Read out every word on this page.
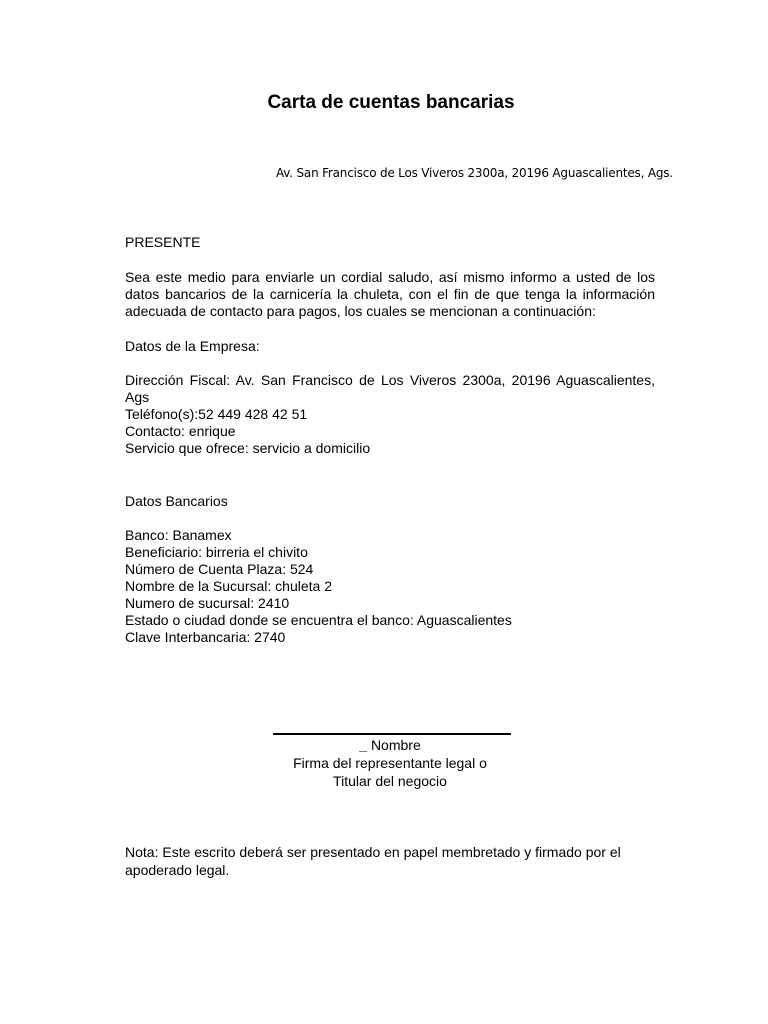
Carta de cuentas bancarias
Av. San Francisco de Los Viveros 2300a, 20196 Aguascalientes, Ags.
PRESENTE
Sea este medio para enviarle un cordial saludo, así mismo informo a usted de los datos bancarios de la carnicería la chuleta, con el fin de que tenga la información adecuada de contacto para pagos, los cuales se mencionan a continuación:
Datos de la Empresa:
Dirección Fiscal: Av. San Francisco de Los Viveros 2300a, 20196 Aguascalientes, Ags
Teléfono(s):52 449 428 42 51
Contacto: enrique
Servicio que ofrece: servicio a domicilio
Datos Bancarios
Banco: Banamex
Beneficiario: birreria el chivito
Número de Cuenta Plaza: 524
Nombre de la Sucursal: chuleta 2
Numero de sucursal: 2410
Estado o ciudad donde se encuentra el banco: Aguascalientes
Clave Interbancaria: 2740
_ Nombre
Firma del representante legal o
Titular del negocio
Nota: Este escrito deberá ser presentado en papel membretado y firmado por el apoderado legal.
